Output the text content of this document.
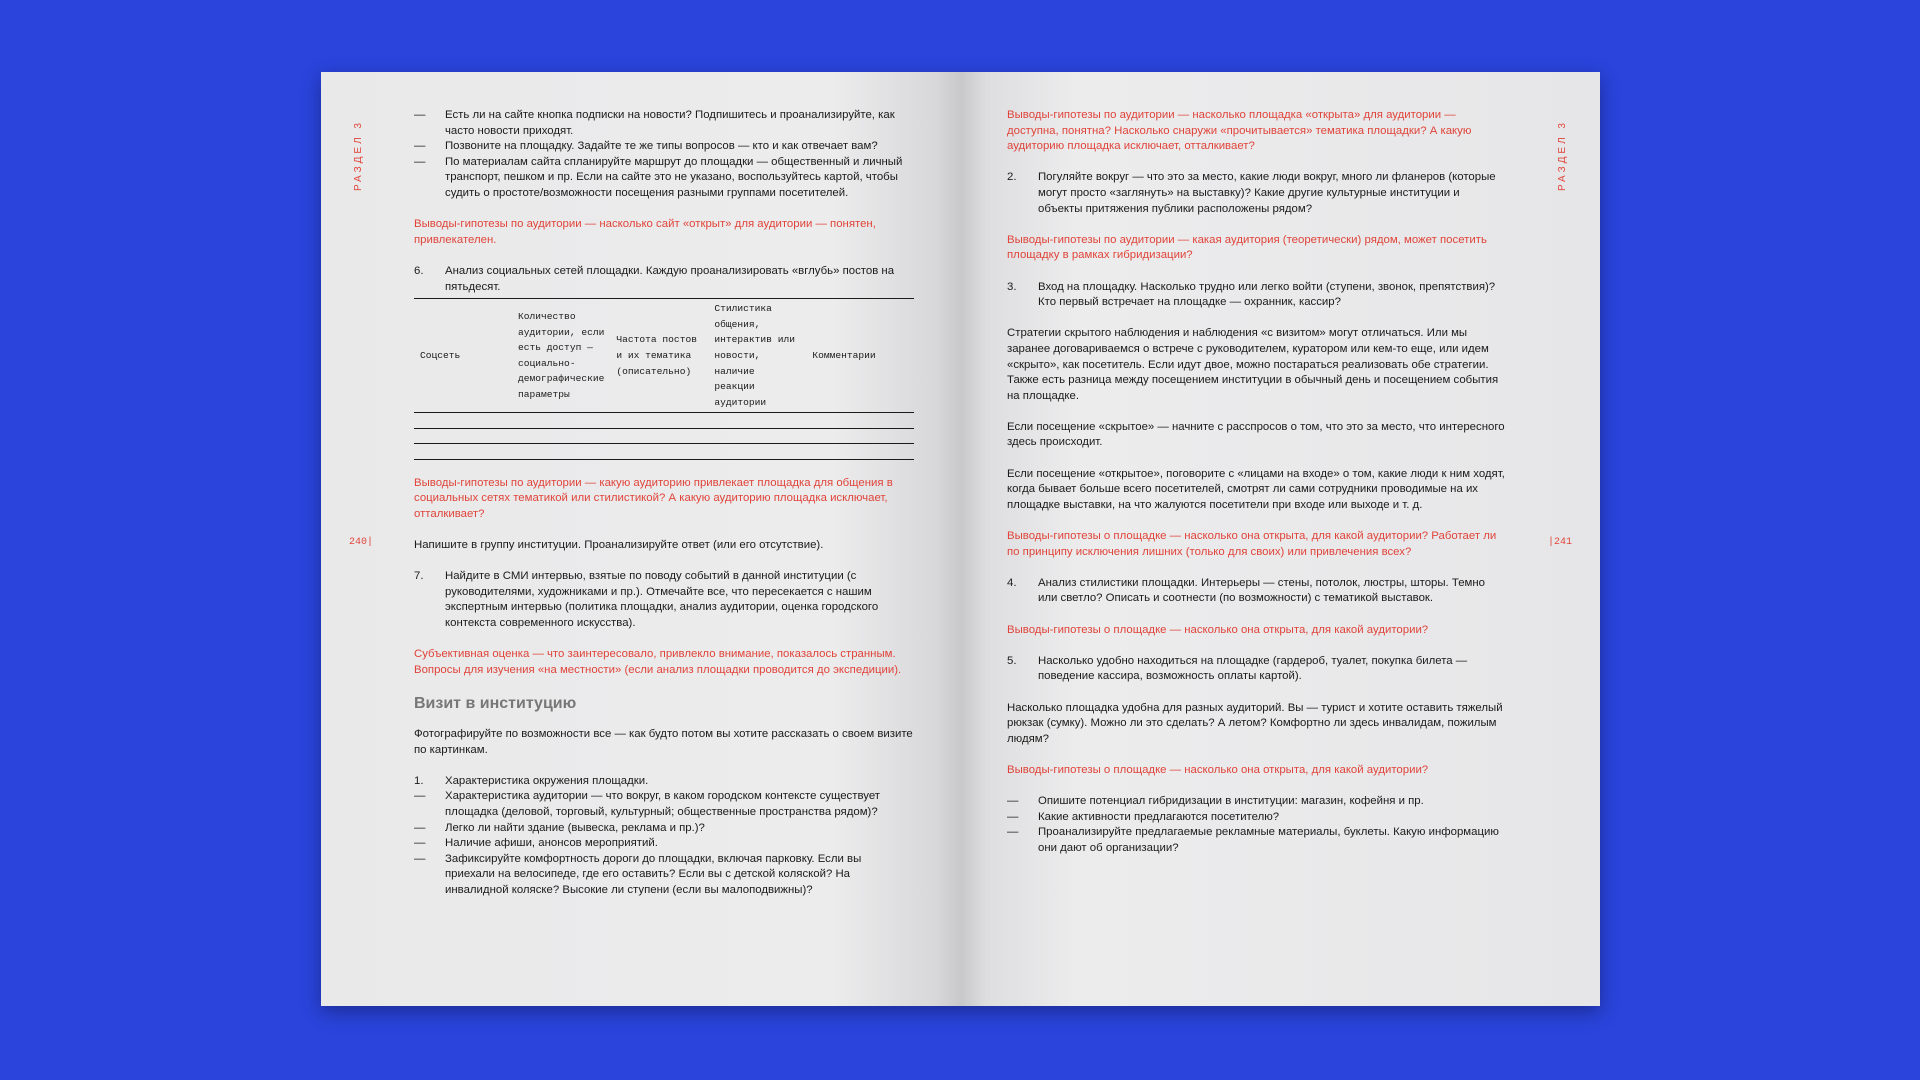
РАЗДЕЛ 3
240|
—	Есть ли на сайте кнопка подписки на новости? Подпишитесь и проанализируйте, как часто новости приходят.
—	Позвоните на площадку. Задайте те же типы вопросов — кто и как отвечает вам?
—	По материалам сайта спланируйте маршрут до площадки — общественный и личный транспорт, пешком и пр. Если на сайте это не указано, воспользуйтесь картой, чтобы судить о простоте/возможности посещения разными группами посетителей.

Выводы-гипотезы по аудитории — насколько сайт «открыт» для аудитории — понятен, привлекателен.

6.	Анализ социальных сетей площадки. Каждую проанализировать «вглубь» постов на пятьдесят.
Соцсеть	Количество аудитории, если есть доступ — социально-демографические параметры	Частота постов и их тематика (описательно)	Стилистика общения, интерактив или новости, наличие реакции аудитории	Комментарии

Выводы-гипотезы по аудитории — какую аудиторию привлекает площадка для общения в социальных сетях тематикой или стилистикой? А какую аудиторию площадка исключает, отталкивает?

Напишите в группу институции. Проанализируйте ответ (или его отсутствие).

7.	Найдите в СМИ интервью, взятые по поводу событий в данной институции (с руководителями, художниками и пр.). Отмечайте все, что пересекается с нашим экспертным интервью (политика площадки, анализ аудитории, оценка городского контекста современного искусства).

Субъективная оценка — что заинтересовало, привлекло внимание, показалось странным. Вопросы для изучения «на местности» (если анализ площадки проводится до экспедиции).

Визит в институцию

Фотографируйте по возможности все — как будто потом вы хотите рассказать о своем визите по картинкам.

1.	Характеристика окружения площадки.
—	Характеристика аудитории — что вокруг, в каком городском контексте существует площадка (деловой, торговый, культурный; общественные пространства рядом)?
—	Легко ли найти здание (вывеска, реклама и пр.)?
—	Наличие афиши, анонсов мероприятий.
—	Зафиксируйте комфортность дороги до площадки, включая парковку. Если вы приехали на велосипеде, где его оставить? Если вы с детской коляской? На инвалидной коляске? Высокие ли ступени (если вы малоподвижны)?
РАЗДЕЛ 3
|241

Выводы-гипотезы по аудитории — насколько площадка «открыта» для аудитории — доступна, понятна? Насколько снаружи «прочитывается» тематика площадки? А какую аудиторию площадка исключает, отталкивает?

2.	Погуляйте вокруг — что это за место, какие люди вокруг, много ли фланеров (которые могут просто «заглянуть» на выставку)? Какие другие культурные институции и объекты притяжения публики расположены рядом?

Выводы-гипотезы по аудитории — какая аудитория (теоретически) рядом, может посетить площадку в рамках гибридизации?

3.	Вход на площадку. Насколько трудно или легко войти (ступени, звонок, препятствия)? Кто первый встречает на площадке — охранник, кассир?

Стратегии скрытого наблюдения и наблюдения «с визитом» могут отличаться. Или мы заранее договариваемся о встрече с руководителем, куратором или кем-то еще, или идем «скрыто», как посетитель. Если идут двое, можно постараться реализовать обе стратегии. Также есть разница между посещением институции в обычный день и посещением события на площадке.

Если посещение «скрытое» — начните с расспросов о том, что это за место, что интересного здесь происходит.

Если посещение «открытое», поговорите с «лицами на входе» о том, какие люди к ним ходят, когда бывает больше всего посетителей, смотрят ли сами сотрудники проводимые на их площадке выставки, на что жалуются посетители при входе или выходе и т. д.

Выводы-гипотезы о площадке — насколько она открыта, для какой аудитории? Работает ли по принципу исключения лишних (только для своих) или привлечения всех?

4.	Анализ стилистики площадки. Интерьеры — стены, потолок, люстры, шторы. Темно или светло? Описать и соотнести (по возможности) с тематикой выставок.

Выводы-гипотезы о площадке — насколько она открыта, для какой аудитории?

5.	Насколько удобно находиться на площадке (гардероб, туалет, покупка билета — поведение кассира, возможность оплаты картой).

Насколько площадка удобна для разных аудиторий. Вы — турист и хотите оставить тяжелый рюкзак (сумку). Можно ли это сделать? А летом? Комфортно ли здесь инвалидам, пожилым людям?

Выводы-гипотезы о площадке — насколько она открыта, для какой аудитории?

—	Опишите потенциал гибридизации в институции: магазин, кофейня и пр.
—	Какие активности предлагаются посетителю?
—	Проанализируйте предлагаемые рекламные материалы, буклеты. Какую информацию они дают об организации?
